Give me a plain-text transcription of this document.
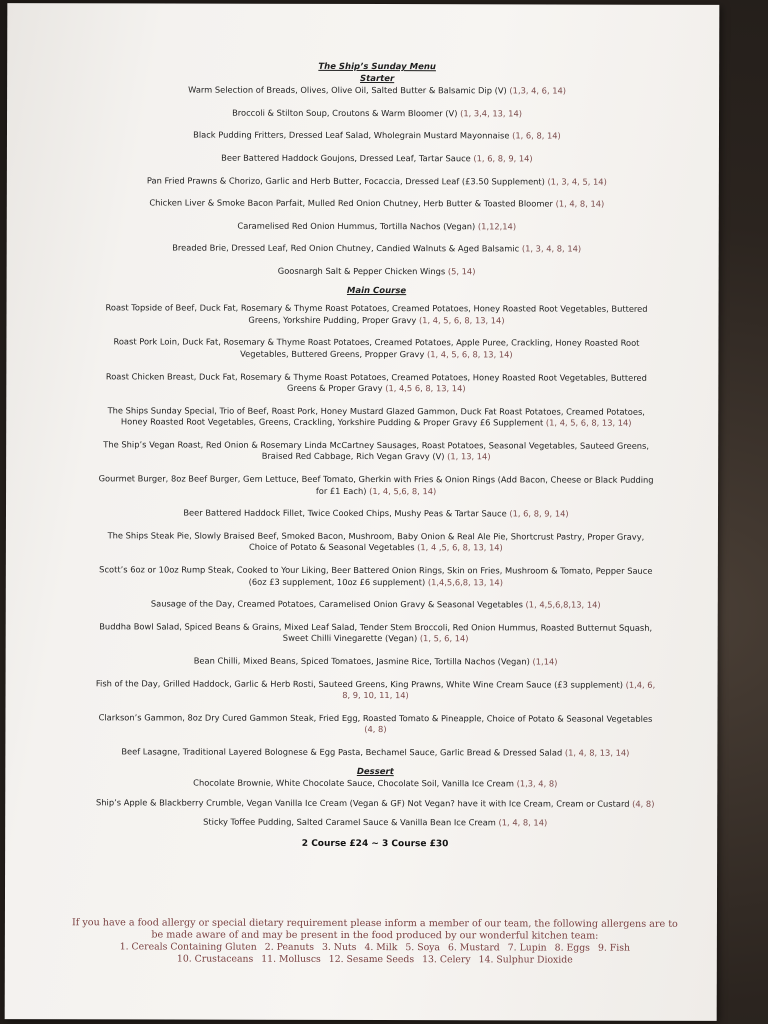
The Ship’s Sunday Menu
Starter
Warm Selection of Breads, Olives, Olive Oil, Salted Butter & Balsamic Dip (V) (1,3, 4, 6, 14)
Broccoli & Stilton Soup, Croutons & Warm Bloomer (V) (1, 3,4, 13, 14)
Black Pudding Fritters, Dressed Leaf Salad, Wholegrain Mustard Mayonnaise (1, 6, 8, 14)
Beer Battered Haddock Goujons, Dressed Leaf, Tartar Sauce (1, 6, 8, 9, 14)
Pan Fried Prawns & Chorizo, Garlic and Herb Butter, Focaccia, Dressed Leaf (£3.50 Supplement) (1, 3, 4, 5, 14)
Chicken Liver & Smoke Bacon Parfait, Mulled Red Onion Chutney, Herb Butter & Toasted Bloomer (1, 4, 8, 14)
Caramelised Red Onion Hummus, Tortilla Nachos (Vegan) (1,12,14)
Breaded Brie, Dressed Leaf, Red Onion Chutney, Candied Walnuts & Aged Balsamic (1, 3, 4, 8, 14)
Goosnargh Salt & Pepper Chicken Wings (5, 14)
Main Course
Roast Topside of Beef, Duck Fat, Rosemary & Thyme Roast Potatoes, Creamed Potatoes, Honey Roasted Root Vegetables, Buttered Greens, Yorkshire Pudding, Proper Gravy (1, 4, 5, 6, 8, 13, 14)
Roast Pork Loin, Duck Fat, Rosemary & Thyme Roast Potatoes, Creamed Potatoes, Apple Puree, Crackling, Honey Roasted Root Vegetables, Buttered Greens, Propper Gravy (1, 4, 5, 6, 8, 13, 14)
Roast Chicken Breast, Duck Fat, Rosemary & Thyme Roast Potatoes, Creamed Potatoes, Honey Roasted Root Vegetables, Buttered Greens & Proper Gravy (1, 4,5 6, 8, 13, 14)
The Ships Sunday Special, Trio of Beef, Roast Pork, Honey Mustard Glazed Gammon, Duck Fat Roast Potatoes, Creamed Potatoes, Honey Roasted Root Vegetables, Greens, Crackling, Yorkshire Pudding & Proper Gravy £6 Supplement (1, 4, 5, 6, 8, 13, 14)
The Ship’s Vegan Roast, Red Onion & Rosemary Linda McCartney Sausages, Roast Potatoes, Seasonal Vegetables, Sauteed Greens, Braised Red Cabbage, Rich Vegan Gravy (V) (1, 13, 14)
Gourmet Burger, 8oz Beef Burger, Gem Lettuce, Beef Tomato, Gherkin with Fries & Onion Rings (Add Bacon, Cheese or Black Pudding for £1 Each) (1, 4, 5,6, 8, 14)
Beer Battered Haddock Fillet, Twice Cooked Chips, Mushy Peas & Tartar Sauce (1, 6, 8, 9, 14)
The Ships Steak Pie, Slowly Braised Beef, Smoked Bacon, Mushroom, Baby Onion & Real Ale Pie, Shortcrust Pastry, Proper Gravy, Choice of Potato & Seasonal Vegetables (1, 4 ,5, 6, 8, 13, 14)
Scott’s 6oz or 10oz Rump Steak, Cooked to Your Liking, Beer Battered Onion Rings, Skin on Fries, Mushroom & Tomato, Pepper Sauce (6oz £3 supplement, 10oz £6 supplement) (1,4,5,6,8, 13, 14)
Sausage of the Day, Creamed Potatoes, Caramelised Onion Gravy & Seasonal Vegetables (1, 4,5,6,8,13, 14)
Buddha Bowl Salad, Spiced Beans & Grains, Mixed Leaf Salad, Tender Stem Broccoli, Red Onion Hummus, Roasted Butternut Squash, Sweet Chilli Vinegarette (Vegan) (1, 5, 6, 14)
Bean Chilli, Mixed Beans, Spiced Tomatoes, Jasmine Rice, Tortilla Nachos (Vegan) (1,14)
Fish of the Day, Grilled Haddock, Garlic & Herb Rosti, Sauteed Greens, King Prawns, White Wine Cream Sauce (£3 supplement) (1,4, 6, 8, 9, 10, 11, 14)
Clarkson’s Gammon, 8oz Dry Cured Gammon Steak, Fried Egg, Roasted Tomato & Pineapple, Choice of Potato & Seasonal Vegetables (4, 8)
Beef Lasagne, Traditional Layered Bolognese & Egg Pasta, Bechamel Sauce, Garlic Bread & Dressed Salad (1, 4, 8, 13, 14)
Dessert
Chocolate Brownie, White Chocolate Sauce, Chocolate Soil, Vanilla Ice Cream (1,3, 4, 8)
Ship’s Apple & Blackberry Crumble, Vegan Vanilla Ice Cream (Vegan & GF) Not Vegan? have it with Ice Cream, Cream or Custard (4, 8)
Sticky Toffee Pudding, Salted Caramel Sauce & Vanilla Bean Ice Cream (1, 4, 8, 14)
2 Course £24 ~ 3 Course £30
If you have a food allergy or special dietary requirement please inform a member of our team, the following allergens are to be made aware of and may be present in the food produced by our wonderful kitchen team:
1. Cereals Containing Gluten 2. Peanuts 3. Nuts 4. Milk 5. Soya 6. Mustard 7. Lupin 8. Eggs 9. Fish
10. Crustaceans 11. Molluscs 12. Sesame Seeds 13. Celery 14. Sulphur Dioxide
